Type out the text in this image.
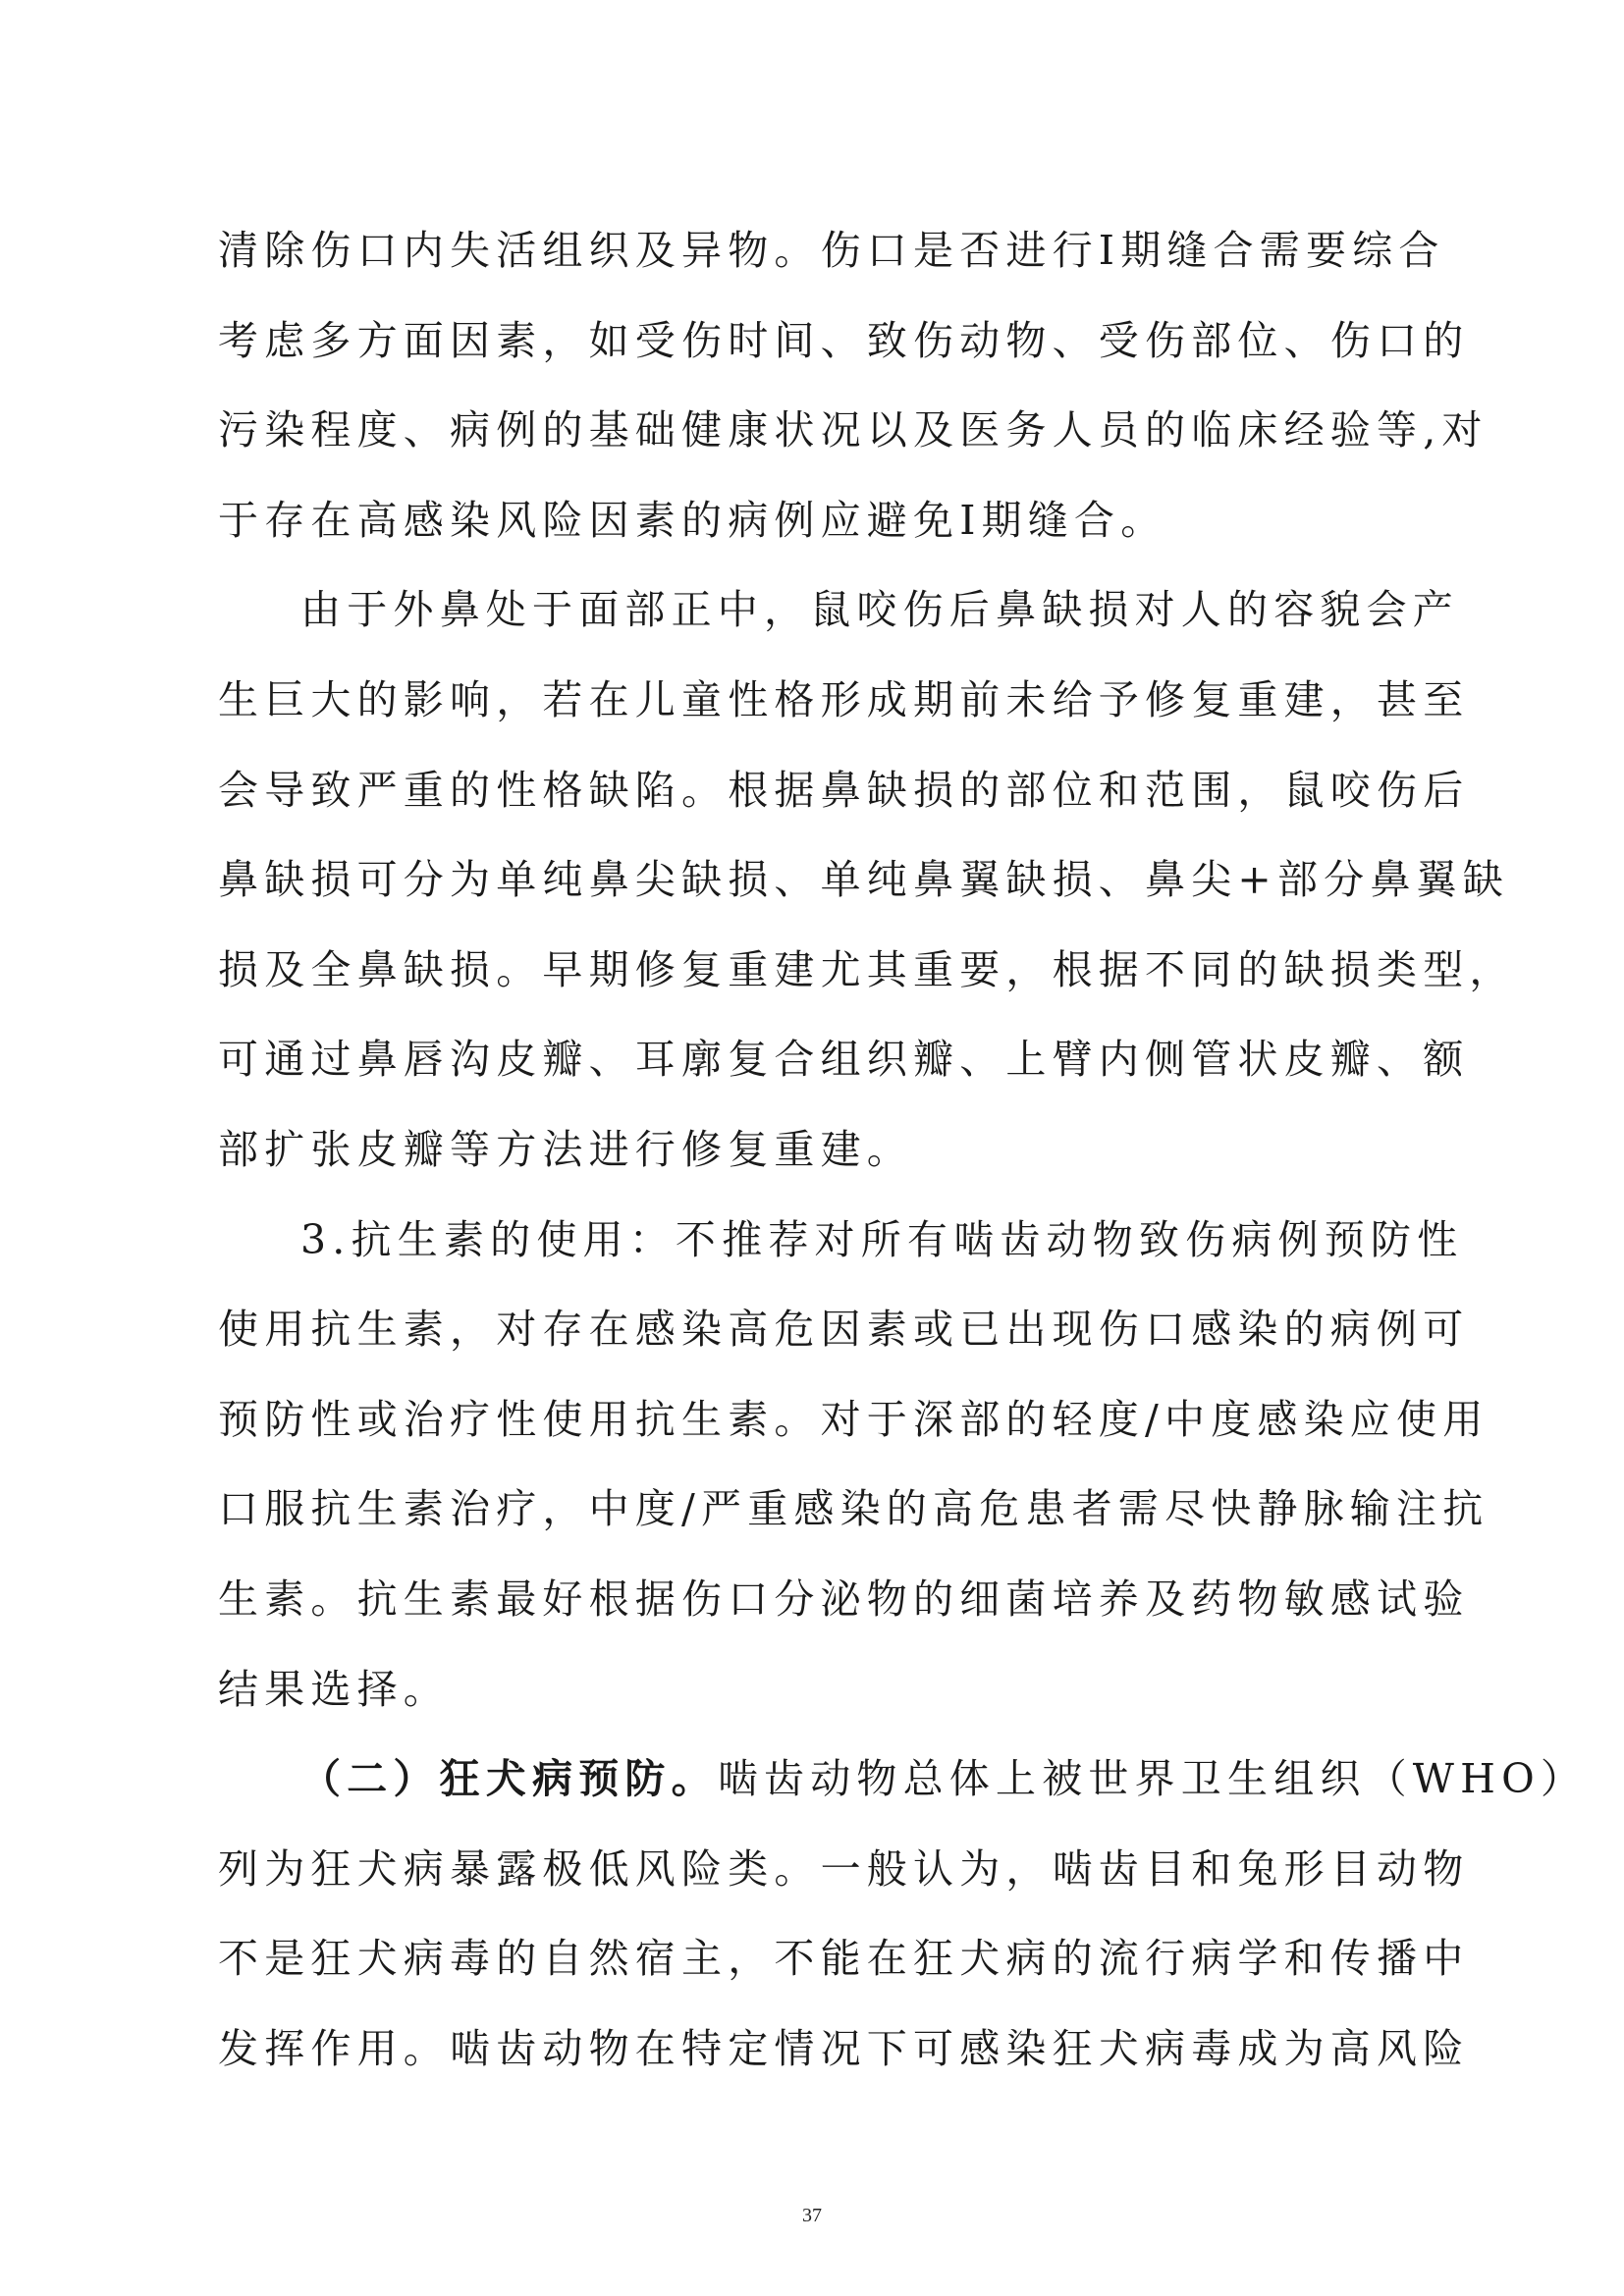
清除伤口内失活组织及异物。伤口是否进行Ⅰ期缝合需要综合
考虑多方面因素，如受伤时间、致伤动物、受伤部位、伤口的
污染程度、病例的基础健康状况以及医务人员的临床经验等,对
于存在高感染风险因素的病例应避免Ⅰ期缝合。
由于外鼻处于面部正中，鼠咬伤后鼻缺损对人的容貌会产
生巨大的影响，若在儿童性格形成期前未给予修复重建，甚至
会导致严重的性格缺陷。根据鼻缺损的部位和范围，鼠咬伤后
鼻缺损可分为单纯鼻尖缺损、单纯鼻翼缺损、鼻尖+部分鼻翼缺
损及全鼻缺损。早期修复重建尤其重要，根据不同的缺损类型，
可通过鼻唇沟皮瓣、耳廓复合组织瓣、上臂内侧管状皮瓣、额
部扩张皮瓣等方法进行修复重建。
3.抗生素的使用：不推荐对所有啮齿动物致伤病例预防性
使用抗生素，对存在感染高危因素或已出现伤口感染的病例可
预防性或治疗性使用抗生素。对于深部的轻度/中度感染应使用
口服抗生素治疗，中度/严重感染的高危患者需尽快静脉输注抗
生素。抗生素最好根据伤口分泌物的细菌培养及药物敏感试验
结果选择。
（二）狂犬病预防。啮齿动物总体上被世界卫生组织（WHO）
列为狂犬病暴露极低风险类。一般认为，啮齿目和兔形目动物
不是狂犬病毒的自然宿主，不能在狂犬病的流行病学和传播中
发挥作用。啮齿动物在特定情况下可感染狂犬病毒成为高风险
37
